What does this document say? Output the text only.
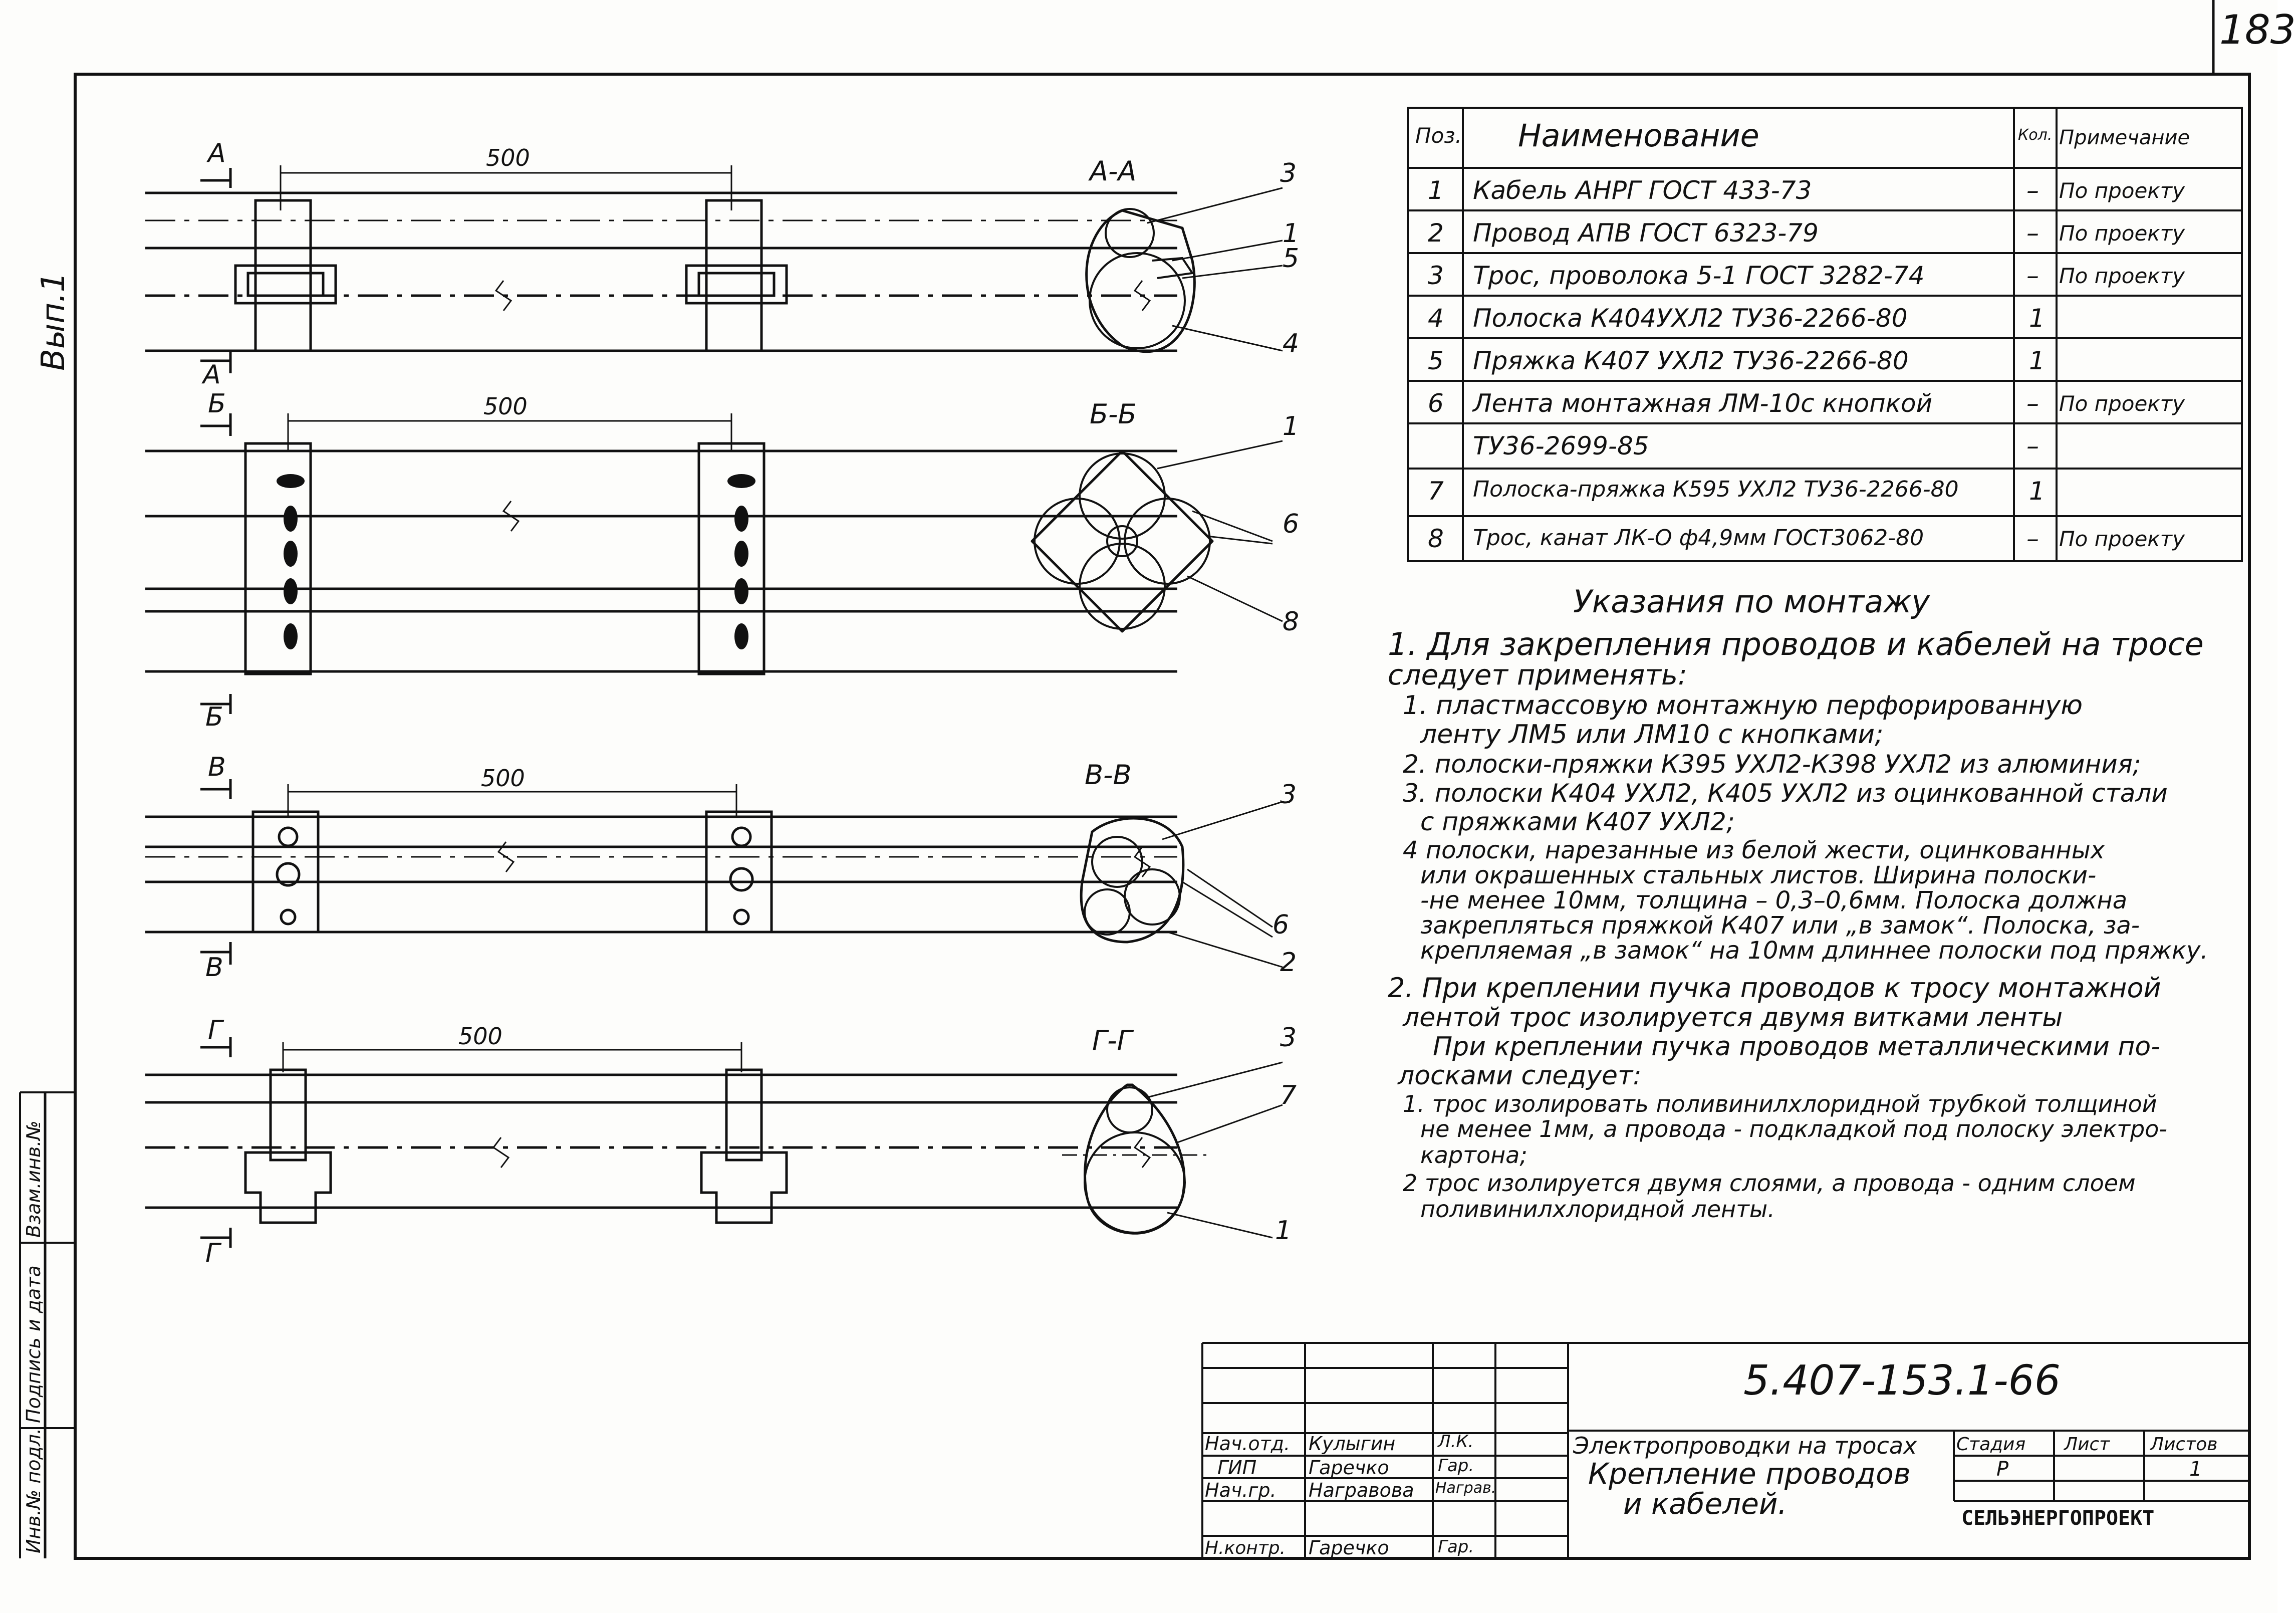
183
Вып.1
Инв.№ подл.
Подпись и дата
Взам.инв.№
500
А
А
500
Б
Б
500
В
В
500
Г
Г
А-А	3
1
5
4
Б-Б	1
6
8
В-В
3
6
2
Г-Г	3
7
1
Поз. Наименование	Кол. Примечание
1 Кабель АНРГ ГОСТ 433-73	– По проекту
2 Провод АПВ ГОСТ 6323-79	– По проекту
3 Трос, проволока 5-1 ГОСТ 3282-74	– По проекту
4 Полоска К404УХЛ2 ТУ36-2266-80	1
5 Пряжка К407 УХЛ2 ТУ36-2266-80	1
6 Лента монтажная ЛМ-10с кнопкой	– По проекту
ТУ36-2699-85	–
7 Полоска-пряжка К595 УХЛ2 ТУ36-2266-80	1
8 Трос, канат ЛК-О ф4,9мм ГОСТ3062-80	– По проекту
Указания по монтажу
1. Для закрепления проводов и кабелей на тросе
следует применять:
1. пластмассовую монтажную перфорированную
ленту ЛМ5 или ЛМ10 с кнопками;
2. полоски-пряжки К395 УХЛ2-К398 УХЛ2 из алюминия;
3. полоски К404 УХЛ2, К405 УХЛ2 из оцинкованной стали
с пряжками К407 УХЛ2;
4 полоски, нарезанные из белой жести, оцинкованных
или окрашенных стальных листов. Ширина полоски-
-не менее 10мм, толщина – 0,3–0,6мм. Полоска должна
закрепляться пряжкой К407 или „в замок“. Полоска, за-
крепляемая „в замок“ на 10мм длиннее полоски под пряжку.
2. При креплении пучка проводов к тросу монтажной
лентой трос изолируется двумя витками ленты
При креплении пучка проводов металлическими по-
лосками следует:
1. трос изолировать поливинилхлоридной трубкой толщиной
не менее 1мм, а провода - подкладкой под полоску электро-
картона;
2 трос изолируется двумя слоями, а провода - одним слоем
поливинилхлоридной ленты.
5.407-153.1-66
Электропроводки на тросах
Крепление проводов
и кабелей.
Стадия Лист Листов
Р	1
СЕЛЬЭНЕРГОПРОЕКТ
Нач.отд. Кулыгин Л.К.
ГИП	Гаречко	Гар.
Нач.гр. Награвова Награв.
Н.контр. Гаречко	Гар.
